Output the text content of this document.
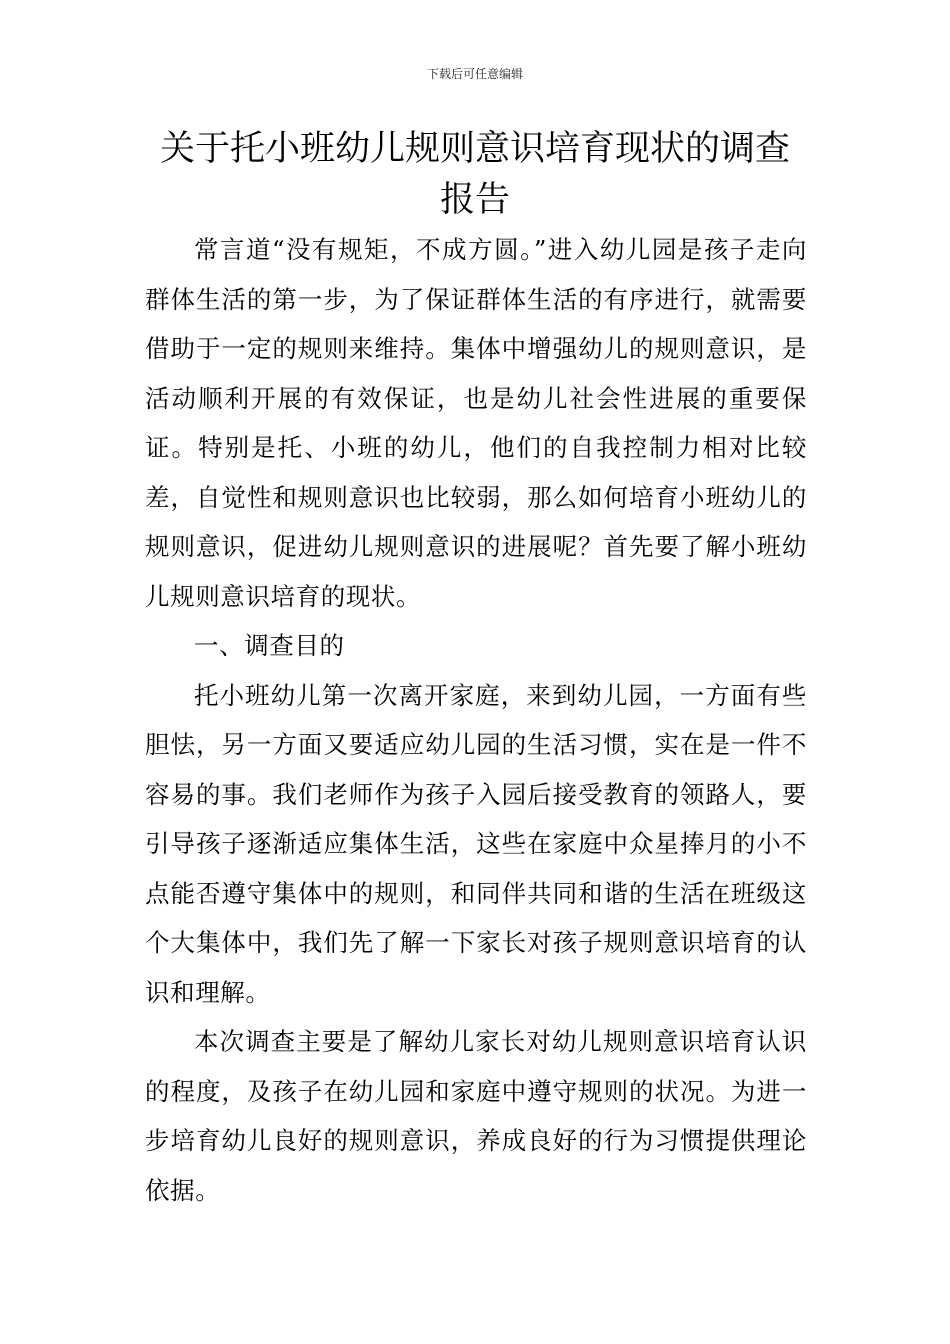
下载后可任意编辑
关于托小班幼儿规则意识培育现状的调查报告

常言道“没有规矩，不成方圆。”进入幼儿园是孩子走向群体生活的第一步，为了保证群体生活的有序进行，就需要借助于一定的规则来维持。集体中增强幼儿的规则意识，是活动顺利开展的有效保证，也是幼儿社会性进展的重要保证。特别是托、小班的幼儿，他们的自我控制力相对比较差，自觉性和规则意识也比较弱，那么如何培育小班幼儿的规则意识，促进幼儿规则意识的进展呢？首先要了解小班幼儿规则意识培育的现状。

一、调查目的

托小班幼儿第一次离开家庭，来到幼儿园，一方面有些胆怯，另一方面又要适应幼儿园的生活习惯，实在是一件不容易的事。我们老师作为孩子入园后接受教育的领路人，要引导孩子逐渐适应集体生活，这些在家庭中众星捧月的小不点能否遵守集体中的规则，和同伴共同和谐的生活在班级这个大集体中，我们先了解一下家长对孩子规则意识培育的认识和理解。

本次调查主要是了解幼儿家长对幼儿规则意识培育认识的程度，及孩子在幼儿园和家庭中遵守规则的状况。为进一步培育幼儿良好的规则意识，养成良好的行为习惯提供理论依据。
